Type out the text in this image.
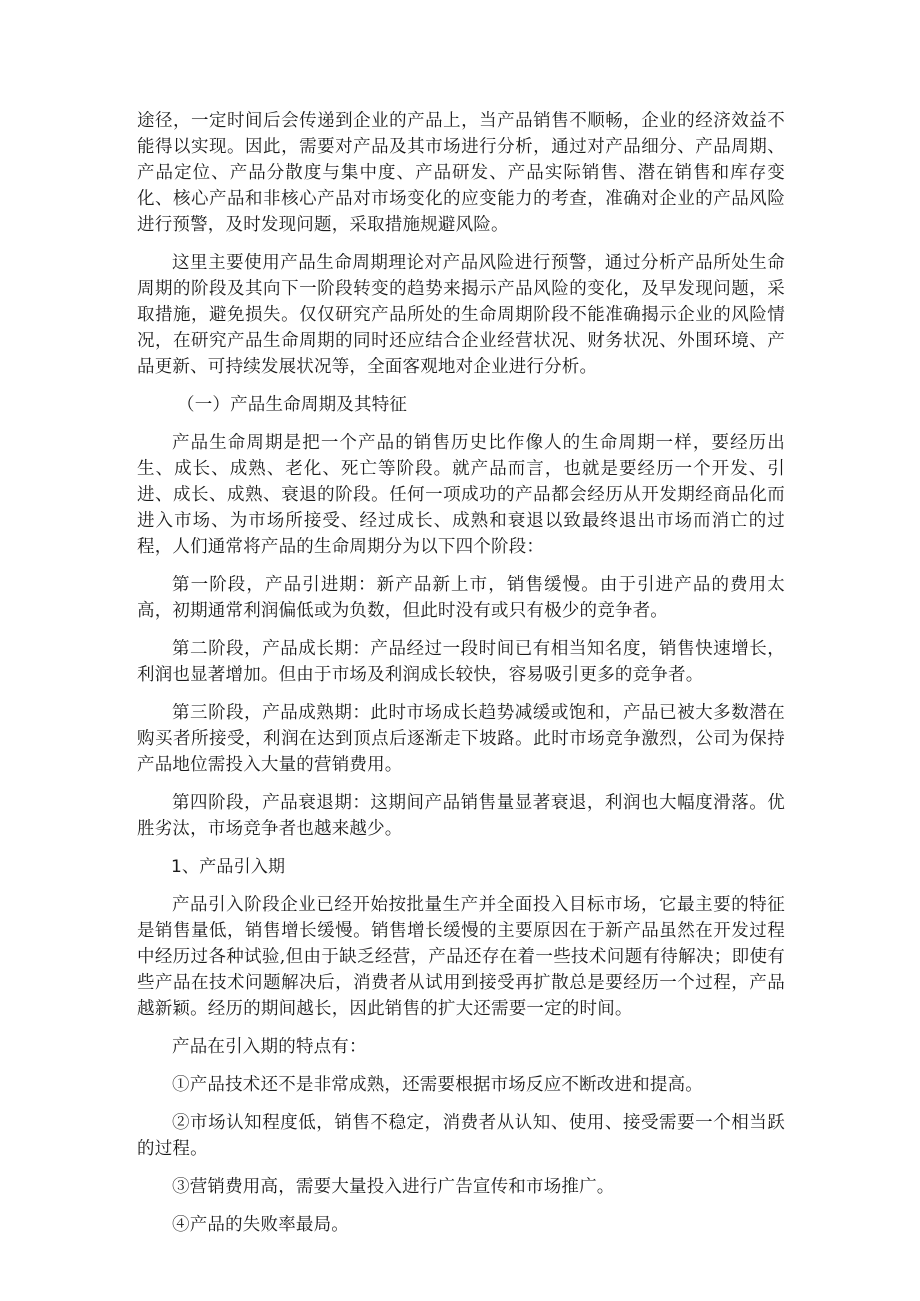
途径，一定时间后会传递到企业的产品上，当产品销售不顺畅，企业的经济效益不能得以实现。因此，需要对产品及其市场进行分析，通过对产品细分、产品周期、产品定位、产品分散度与集中度、产品研发、产品实际销售、潜在销售和库存变化、核心产品和非核心产品对市场变化的应变能力的考查，准确对企业的产品风险进行预警，及时发现问题，采取措施规避风险。

这里主要使用产品生命周期理论对产品风险进行预警，通过分析产品所处生命周期的阶段及其向下一阶段转变的趋势来揭示产品风险的变化，及早发现问题，采取措施，避免损失。仅仅研究产品所处的生命周期阶段不能准确揭示企业的风险情况，在研究产品生命周期的同时还应结合企业经营状况、财务状况、外围环境、产品更新、可持续发展状况等，全面客观地对企业进行分析。

（一）产品生命周期及其特征

产品生命周期是把一个产品的销售历史比作像人的生命周期一样，要经历出生、成长、成熟、老化、死亡等阶段。就产品而言，也就是要经历一个开发、引进、成长、成熟、衰退的阶段。任何一项成功的产品都会经历从开发期经商品化而进入市场、为市场所接受、经过成长、成熟和衰退以致最终退出市场而消亡的过程，人们通常将产品的生命周期分为以下四个阶段：

第一阶段，产品引进期：新产品新上市，销售缓慢。由于引进产品的费用太高，初期通常利润偏低或为负数，但此时没有或只有极少的竞争者。

第二阶段，产品成长期：产品经过一段时间已有相当知名度，销售快速增长，利润也显著增加。但由于市场及利润成长较快，容易吸引更多的竞争者。

第三阶段，产品成熟期：此时市场成长趋势减缓或饱和，产品已被大多数潜在购买者所接受，利润在达到顶点后逐渐走下坡路。此时市场竞争激烈，公司为保持产品地位需投入大量的营销费用。

第四阶段，产品衰退期：这期间产品销售量显著衰退，利润也大幅度滑落。优胜劣汰，市场竞争者也越来越少。

1、产品引入期

产品引入阶段企业已经开始按批量生产并全面投入目标市场，它最主要的特征是销售量低，销售增长缓慢。销售增长缓慢的主要原因在于新产品虽然在开发过程中经历过各种试验,但由于缺乏经营，产品还存在着一些技术问题有待解决；即使有些产品在技术问题解决后，消费者从试用到接受再扩散总是要经历一个过程，产品越新颖。经历的期间越长，因此销售的扩大还需要一定的时间。

产品在引入期的特点有：

①产品技术还不是非常成熟，还需要根据市场反应不断改进和提高。

②市场认知程度低，销售不稳定，消费者从认知、使用、接受需要一个相当跃的过程。

③营销费用高，需要大量投入进行广告宣传和市场推广。

④产品的失败率最局。
